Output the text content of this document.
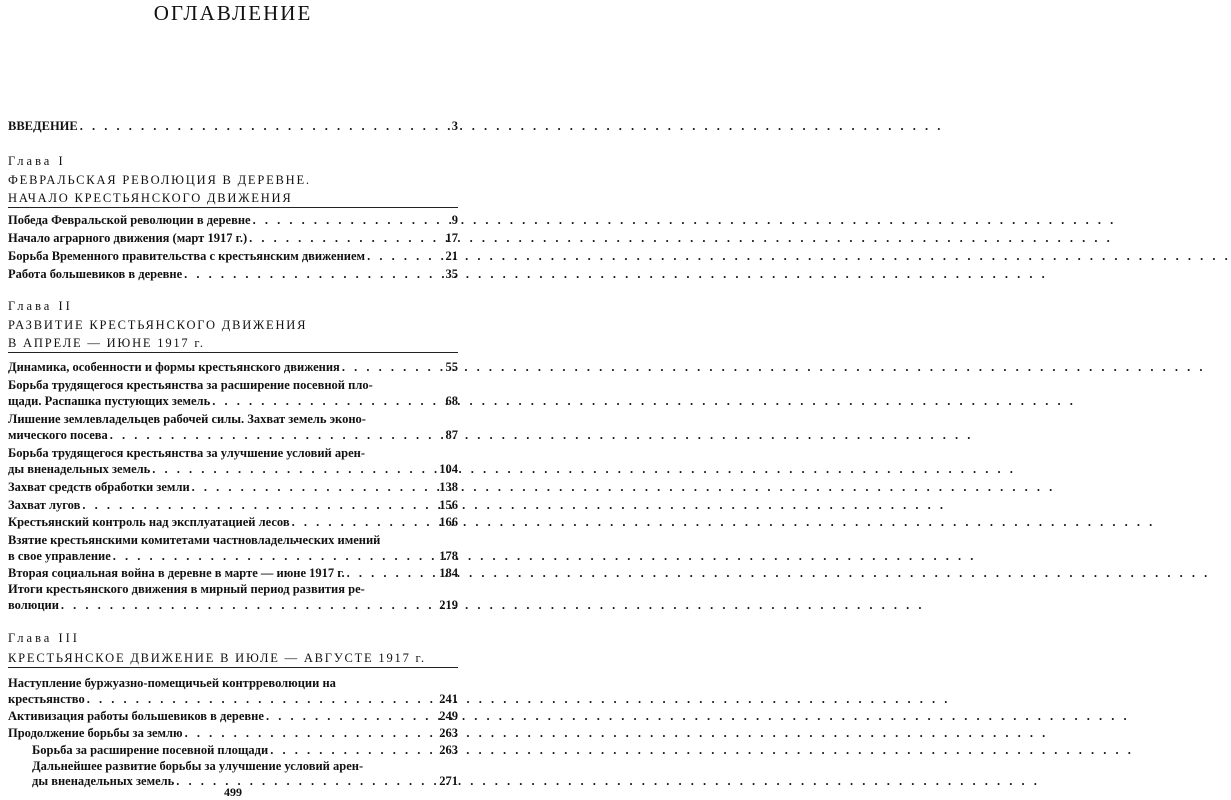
ОГЛАВЛЕНИЕ
ВВЕДЕНИЕ . . .	3
Глава I
ФЕВРАЛЬСКАЯ РЕВОЛЮЦИЯ В ДЕРЕВНЕ.
НАЧАЛО КРЕСТЬЯНСКОГО ДВИЖЕНИЯ
Победа Февральской революции в деревне . . .	9
Начало аграрного движения (март 1917 г.) . . .	17
Борьба Временного правительства с крестьянским движением . . .	21
Работа большевиков в деревне . . .	35
Глава II
РАЗВИТИЕ КРЕСТЬЯНСКОГО ДВИЖЕНИЯ
В АПРЕЛЕ — ИЮНЕ 1917 г.
Динамика, особенности и формы крестьянского движения . . .	55
Борьба трудящегося крестьянства за расширение посевной пло-
щади. Распашка пустующих земель . . .	68
Лишение землевладельцев рабочей силы. Захват земель эконо-
мического посева . . .	87
Борьба трудящегося крестьянства за улучшение условий арен-
ды вненадельных земель . . .	104
Захват средств обработки земли . . .	138
Захват лугов . . .	156
Крестьянский контроль над эксплуатацией лесов . . .	166
Взятие крестьянскими комитетами частновладельческих имений
в свое управление . . .	178
Вторая социальная война в деревне в марте — июне 1917 г. . . .	184
Итоги крестьянского движения в мирный период развития ре-
волюции . . .	219
Глава III
КРЕСТЬЯНСКОЕ ДВИЖЕНИЕ В ИЮЛЕ — АВГУСТЕ 1917 г.
Наступление буржуазно-помещичьей контрреволюции на
крестьянство . . .	241
Активизация работы большевиков в деревне . . .	249
Продолжение борьбы за землю . . .	263
Борьба за расширение посевной площади . . .	263
Дальнейшее развитие борьбы за улучшение условий арен-
ды вненадельных земель . . .	271
499
